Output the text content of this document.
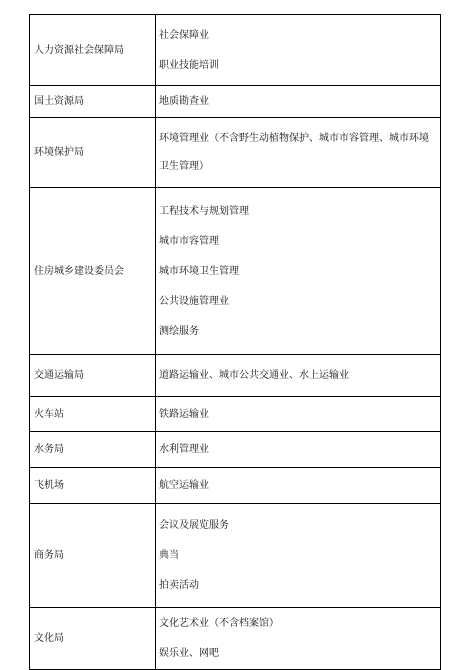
人力资源社会保障局	社会保障业
职业技能培训

国土资源局	地质勘查业

环境保护局	环境管理业（不含野生动植物保护、城市市容管理、城市环境卫生管理）

住房城乡建设委员会	工程技术与规划管理
城市市容管理
城市环境卫生管理
公共设施管理业
测绘服务

交通运输局	道路运输业、城市公共交通业、水上运输业

火车站	铁路运输业

水务局	水利管理业

飞机场	航空运输业

商务局	会议及展览服务
典当
拍卖活动

文化局	文化艺术业（不含档案馆）
娱乐业、网吧
